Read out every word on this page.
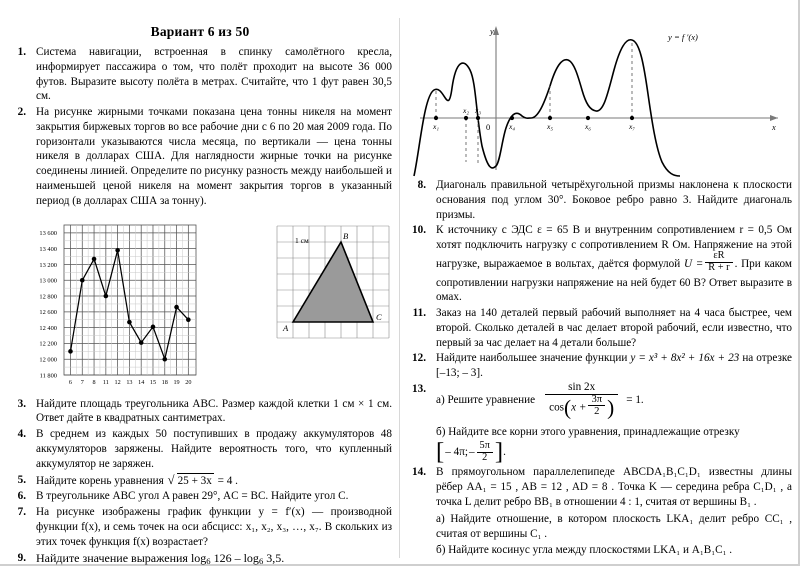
Вариант 6 из 50
1. Система навигации, встроенная в спинку самолётного кресла, информирует пассажира о том, что полёт проходит на высоте 36 000 футов. Выразите высоту полёта в метрах. Считайте, что 1 фут равен 30,5 см.
2. На рисунке жирными точками показана цена тонны никеля на момент закрытия биржевых торгов во все рабочие дни с 6 по 20 мая 2009 года. По горизонтали указываются числа месяца, по вертикали — цена тонны никеля в долларах США. Для наглядности жирные точки на рисунке соединены линией. Определите по рисунку разность между наибольшей и наименьшей ценой никеля на момент закрытия торгов в указанный период (в долларах США за тонну).
13 600
13 400
13 200
13 000
12 800
12 600
12 400
12 200
12 000
11 800
6 7 8 11 12 13 14 15 18 19 20
1 см
A
B
C
3. Найдите площадь треугольника ABC. Размер каждой клетки 1 см × 1 см. Ответ дайте в квадратных сантиметрах.
4. В среднем из каждых 50 поступивших в продажу аккумуляторов 48 аккумуляторов заряжены. Найдите вероятность того, что купленный аккумулятор не заряжен.
5. Найдите корень уравнения √ 25 + 3x = 4 .
6. В треугольнике ABC угол A равен 29°, AC = BC. Найдите угол C.
7. На рисунке изображены график функции y = f′(x) — производной функции f(x), и семь точек на оси абсцисс: x₁, x₂, x₃, …, x₇. В скольких из этих точек функция f(x) возрастает?
9. Найдите значение выражения $\log_6 126 - \log_6 3,5$.
x₁
x₂ x₃
x₄	x₅	x₆	x₇
y
x
0
y = f ′(x)
8. Диагональ правильной четырёхугольной призмы наклонена к плоскости основания под углом 30°. Боковое ребро равно 3. Найдите диагональ призмы.
10. К источнику с ЭДС ε = 65 В и внутренним сопротивлением r = 0,5 Ом хотят подключить нагрузку с сопротивлением R Ом. Напряжение на этой нагрузке, выражаемое в вольтах, даётся формулой $U = \frac{\varepsilon R}{R + r}$ . При каком сопротивлении нагрузки напряжение на ней будет 60 В? Ответ выразите в омах.
11. Заказ на 140 деталей первый рабочий выполняет на 4 часа быстрее, чем второй. Сколько деталей в час делает второй рабочий, если известно, что первый за час делает на 4 детали больше?
12. Найдите наибольшее значение функции y = x³ + 8x² + 16x + 23 на отрезке [–13; – 3].
13.
а) Решите уравнение $\frac{\sin 2x}{\cos(x + \frac{3\pi}{2} )} = 1$.
б) Найдите все корни этого уравнения, принадлежащие отрезку
[ – 4π; – $\frac{5\pi}{2}$ ] .
14. В прямоугольном параллелепипеде ABCDA₁B₁C₁D₁ известны длины рёбер AA₁ = 15 , AB = 12 , AD = 8 . Точка K — середина ребра C₁D₁ , а точка L делит ребро BB₁ в отношении 4 : 1, считая от вершины B₁ .
а) Найдите отношение, в котором плоскость LKA₁ делит ребро CC₁ , считая от вершины C₁ .
б) Найдите косинус угла между плоскостями LKA₁ и A₁B₁C₁ .
